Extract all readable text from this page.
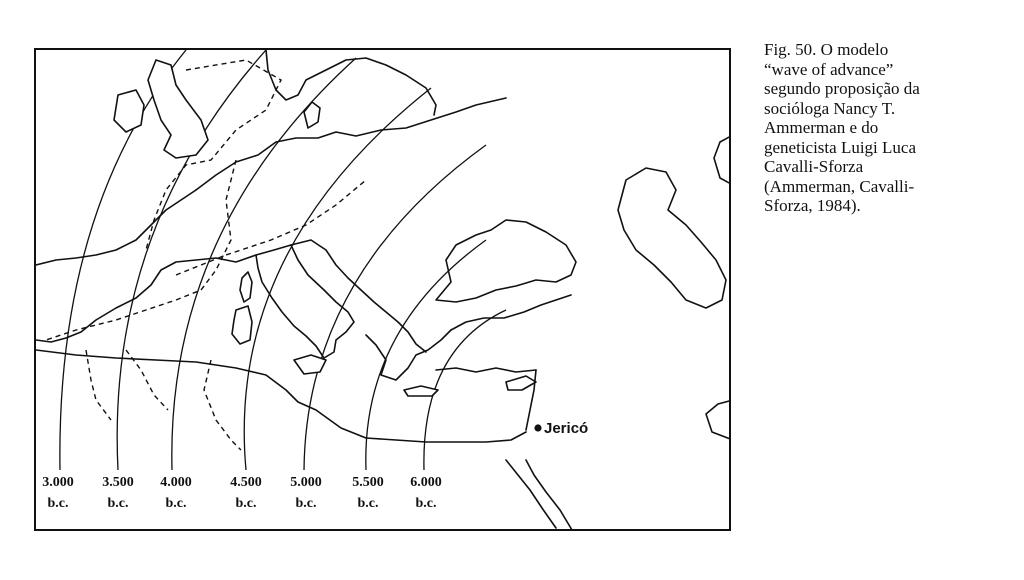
Jericó
3.000
b.c.
3.500
b.c.
4.000
b.c.
4.500
b.c.
5.000
b.c.
5.500
b.c.
6.000
b.c.
Fig. 50. O modelo
“wave of advance”
segundo proposição da
socióloga Nancy T.
Ammerman e do
geneticista Luigi Luca
Cavalli-Sforza
(Ammerman, Cavalli-
Sforza, 1984).
